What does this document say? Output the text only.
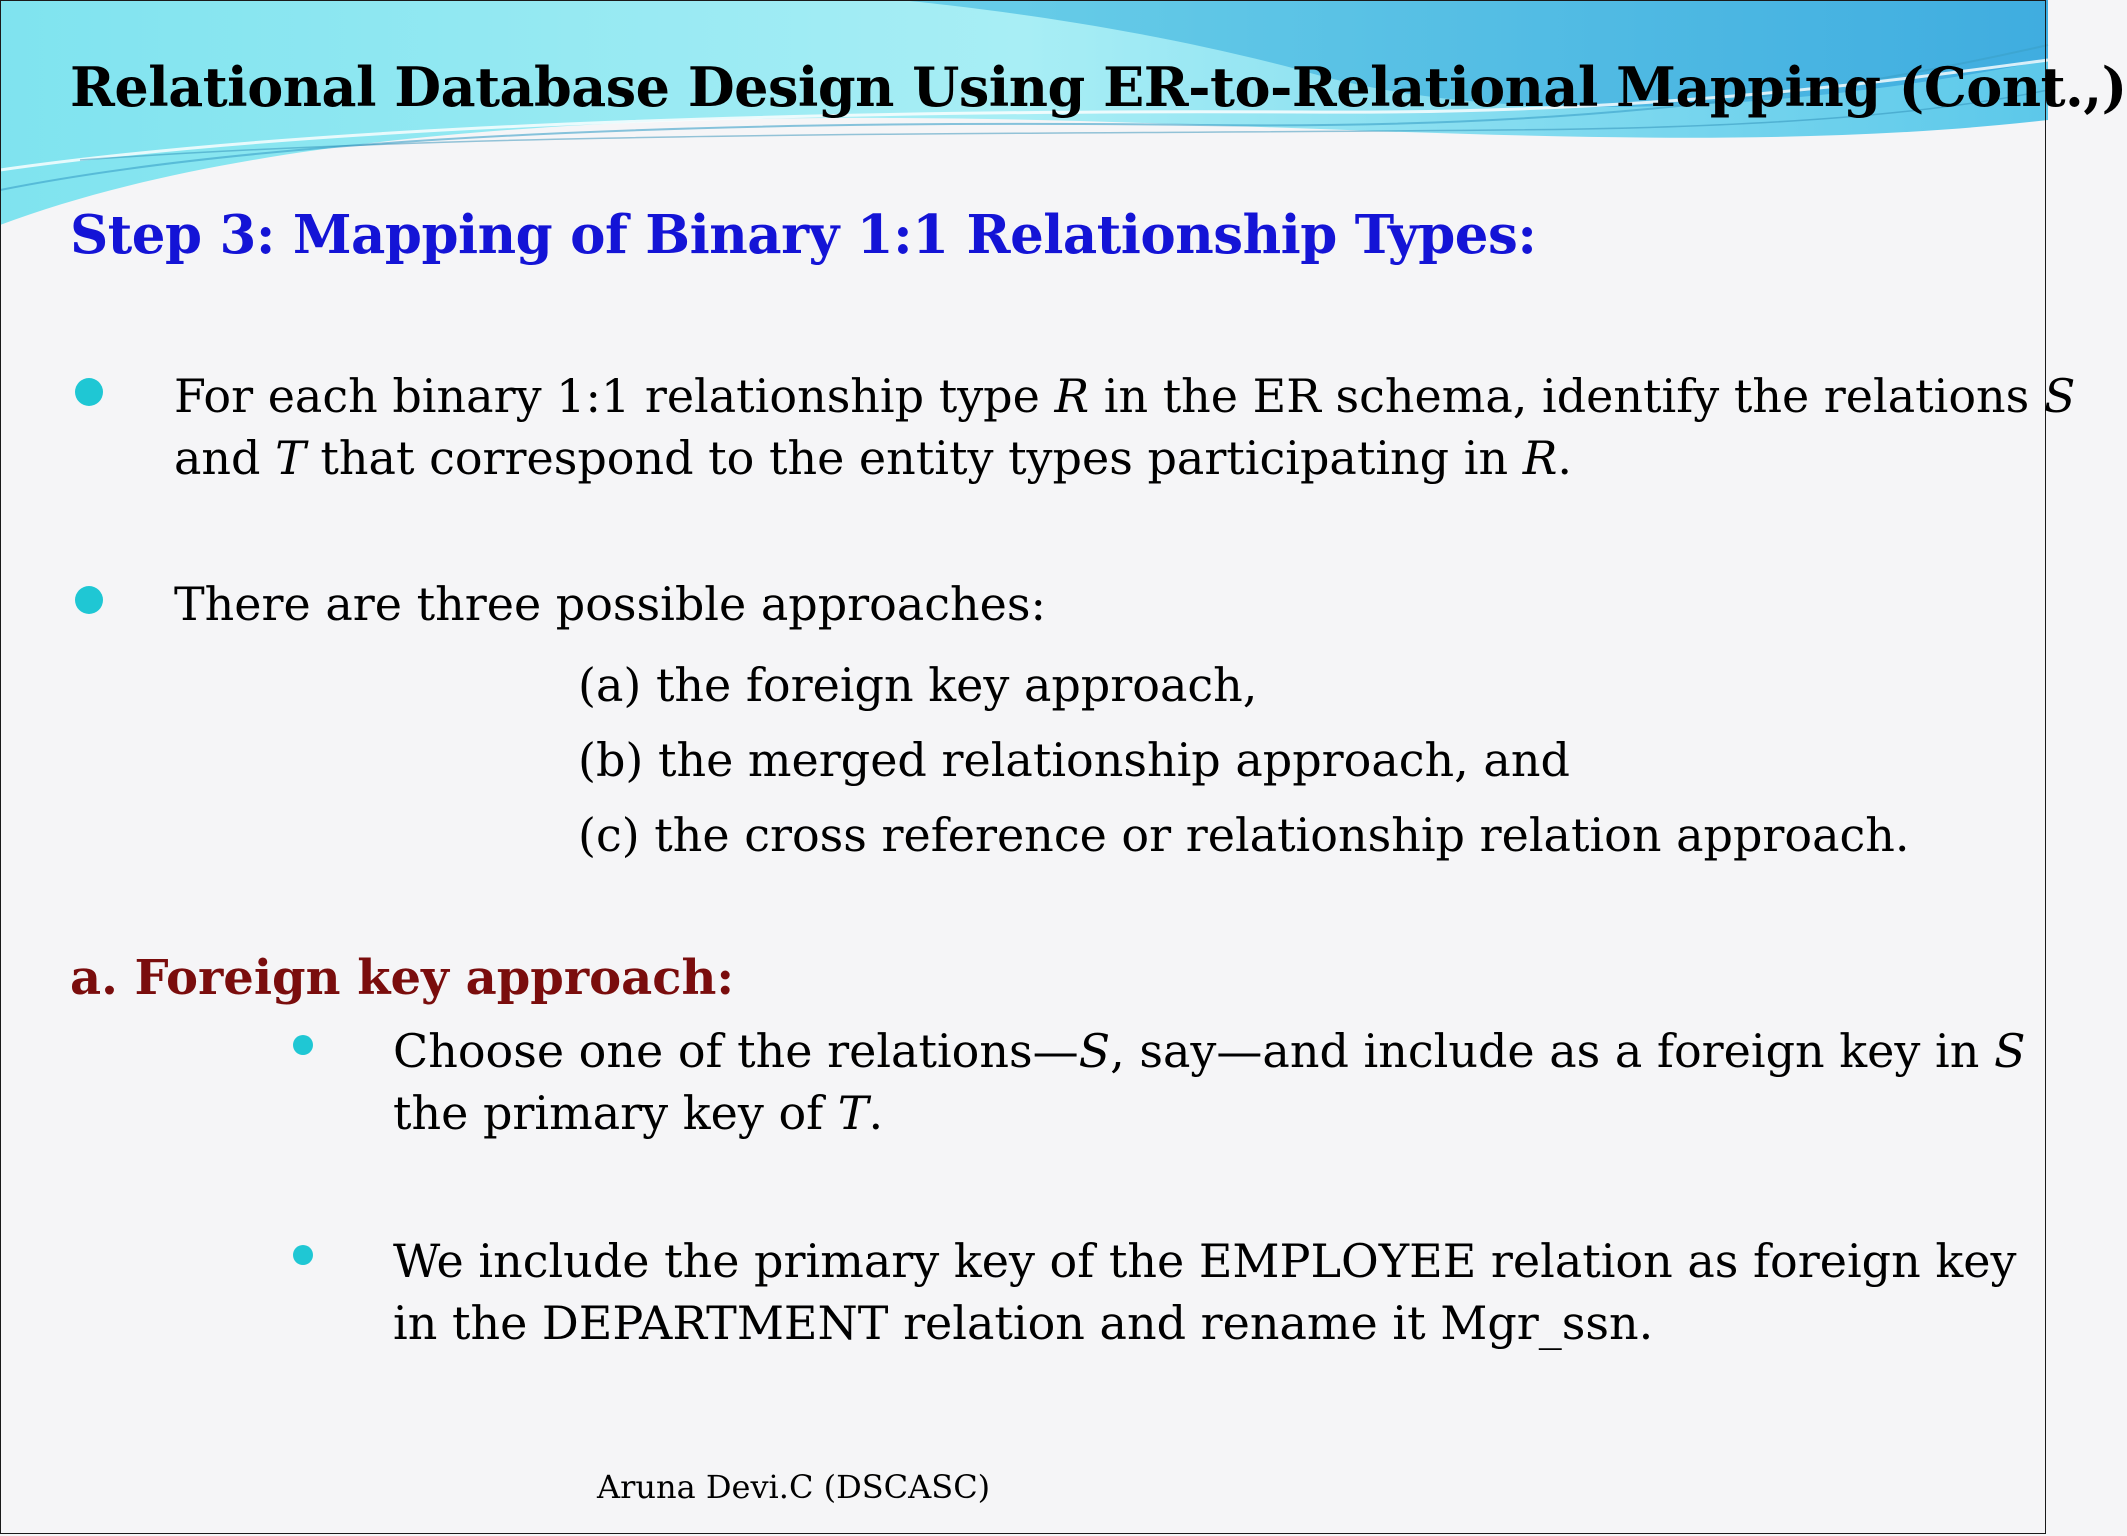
Relational Database Design Using ER-to-Relational Mapping (Cont.,)
Step 3: Mapping of Binary 1:1 Relationship Types:
For each binary 1:1 relationship type R in the ER schema, identify the relations S
and T that correspond to the entity types participating in R.
There are three possible approaches:
(a) the foreign key approach,
(b) the merged relationship approach, and
(c) the cross reference or relationship relation approach.
a. Foreign key approach:
Choose one of the relations—S, say—and include as a foreign key in S
the primary key of T.
We include the primary key of the EMPLOYEE relation as foreign key
in the DEPARTMENT relation and rename it Mgr_ssn.
Aruna Devi.C (DSCASC)
